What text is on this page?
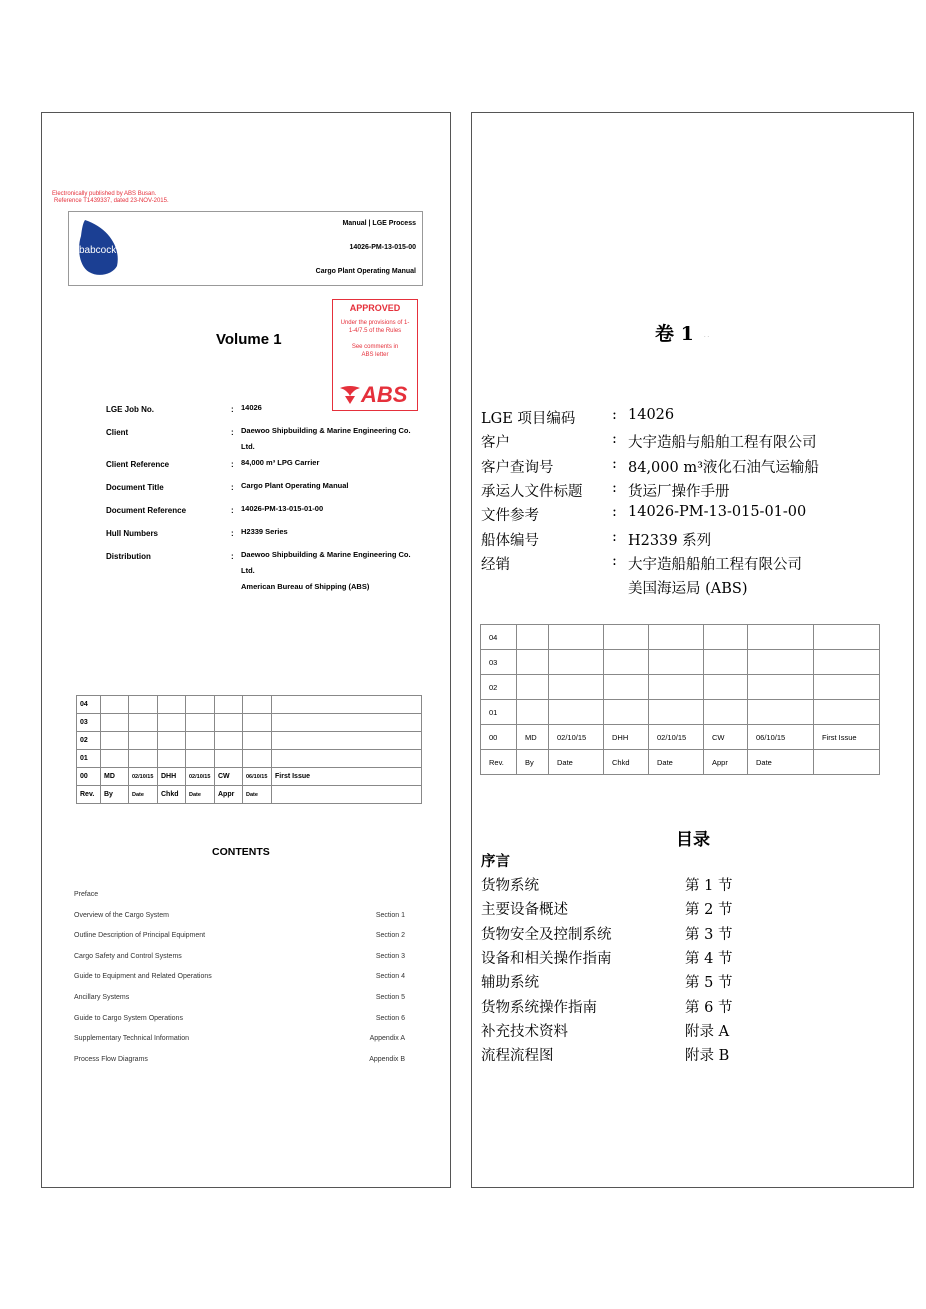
Electronically published by ABS Busan.
Reference T1439337, dated 23-NOV-2015.
babcock
Manual | LGE Process
14026-PM-13-015-00
Cargo Plant Operating Manual
Volume 1
APPROVED
Under the provisions of 1-1-4/7.5 of the Rules
See comments in ABS letter
ABS
LGE Job No.	: 14026
Client	: Daewoo Shipbuilding & Marine Engineering Co. Ltd.
Client Reference	: 84,000 m³ LPG Carrier
Document Title	: Cargo Plant Operating Manual
Document Reference	: 14026-PM-13-015-01-00
Hull Numbers	: H2339 Series
Distribution	: Daewoo Shipbuilding & Marine Engineering Co. Ltd.
American Bureau of Shipping (ABS)
04							
03							
02							
01							
00	MD	02/10/15	DHH	02/10/15	CW	06/10/15	First Issue
Rev.	By	Date	Chkd	Date	Appr	Date	
CONTENTS
Preface
Overview of the Cargo System	Section 1
Outline Description of Principal Equipment	Section 2
Cargo Safety and Control Systems	Section 3
Guide to Equipment and Related Operations	Section 4
Ancillary Systems	Section 5
Guide to Cargo System Operations	Section 6
Supplementary Technical Information	Appendix A
Process Flow Diagrams	Appendix B
卷 1 . .
LGE 项目编码	: 14026
客户	: 大宇造船与船舶工程有限公司
客户查询号	: 84,000 m³液化石油气运输船
承运人文件标题 : 货运厂操作手册
文件参考	: 14026-PM-13-015-01-00
船体编号	: H2339 系列
经销	: 大宇造船船舶工程有限公司
美国海运局 (ABS)
04							
03							
02							
01							
00	MD	02/10/15	DHH	02/10/15	CW	06/10/15	First Issue
Rev.	By	Date	Chkd	Date	Appr	Date	
目录
序言
货物系统	第 1 节
主要设备概述	第 2 节
货物安全及控制系统	第 3 节
设备和相关操作指南	第 4 节
辅助系统	第 5 节
货物系统操作指南	第 6 节
补充技术资料	附录 A
流程流程图	附录 B
